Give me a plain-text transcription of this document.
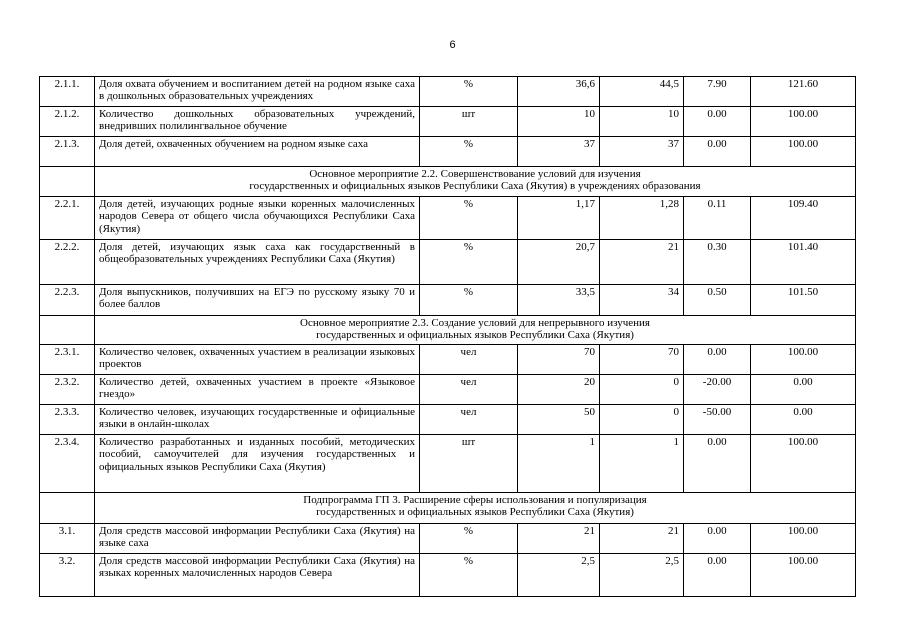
6
2.1.1.	Доля охвата обучением и воспитанием детей на родном языке саха в дошкольных образовательных учреждениях	%	36,6	44,5	7.90	121.60
2.1.2.	Количество дошкольных образовательных учреждений, внедривших полилингвальное обучение	шт	10	10	0.00	100.00
2.1.3.	Доля детей, охваченных обучением на родном языке саха	%	37	37	0.00	100.00

	Основное мероприятие 2.2. Совершенствование условий для изучения
государственных и официальных языков Республики Саха (Якутия) в учреждениях образования					

2.2.1.	Доля детей, изучающих родные языки коренных малочисленных народов Севера от общего числа обучающихся Республики Саха (Якутия)	%	1,17	1,28	0.11	109.40
2.2.2.	Доля детей, изучающих язык саха как государственный в общеобразовательных учреждениях Республики Саха (Якутия)	%	20,7	21	0.30	101.40
2.2.3.	Доля выпускников, получивших на ЕГЭ по русскому языку 70 и более баллов	%	33,5	34	0.50	101.50

	Основное мероприятие 2.3. Создание условий для непрерывного изучения
государственных и официальных языков Республики Саха (Якутия)					

2.3.1.	Количество человек, охваченных участием в реализации языковых проектов	чел	70	70	0.00	100.00
2.3.2.	Количество детей, охваченных участием в проекте «Языковое гнездо»	чел	20	0	-20.00	0.00
2.3.3.	Количество человек, изучающих государственные и официальные языки в онлайн-школах	чел	50	0	-50.00	0.00
2.3.4.	Количество разработанных и изданных пособий, методических пособий, самоучителей для изучения государственных и официальных языков Республики Саха (Якутия)	шт	1	1	0.00	100.00

	Подпрограмма ГП 3. Расширение сферы использования и популяризация
государственных и официальных языков Республики Саха (Якутия)					

3.1.	Доля средств массовой информации Республики Саха (Якутия) на языке саха	%	21	21	0.00	100.00
3.2.	Доля средств массовой информации Республики Саха (Якутия) на языках коренных малочисленных народов Севера	%	2,5	2,5	0.00	100.00
